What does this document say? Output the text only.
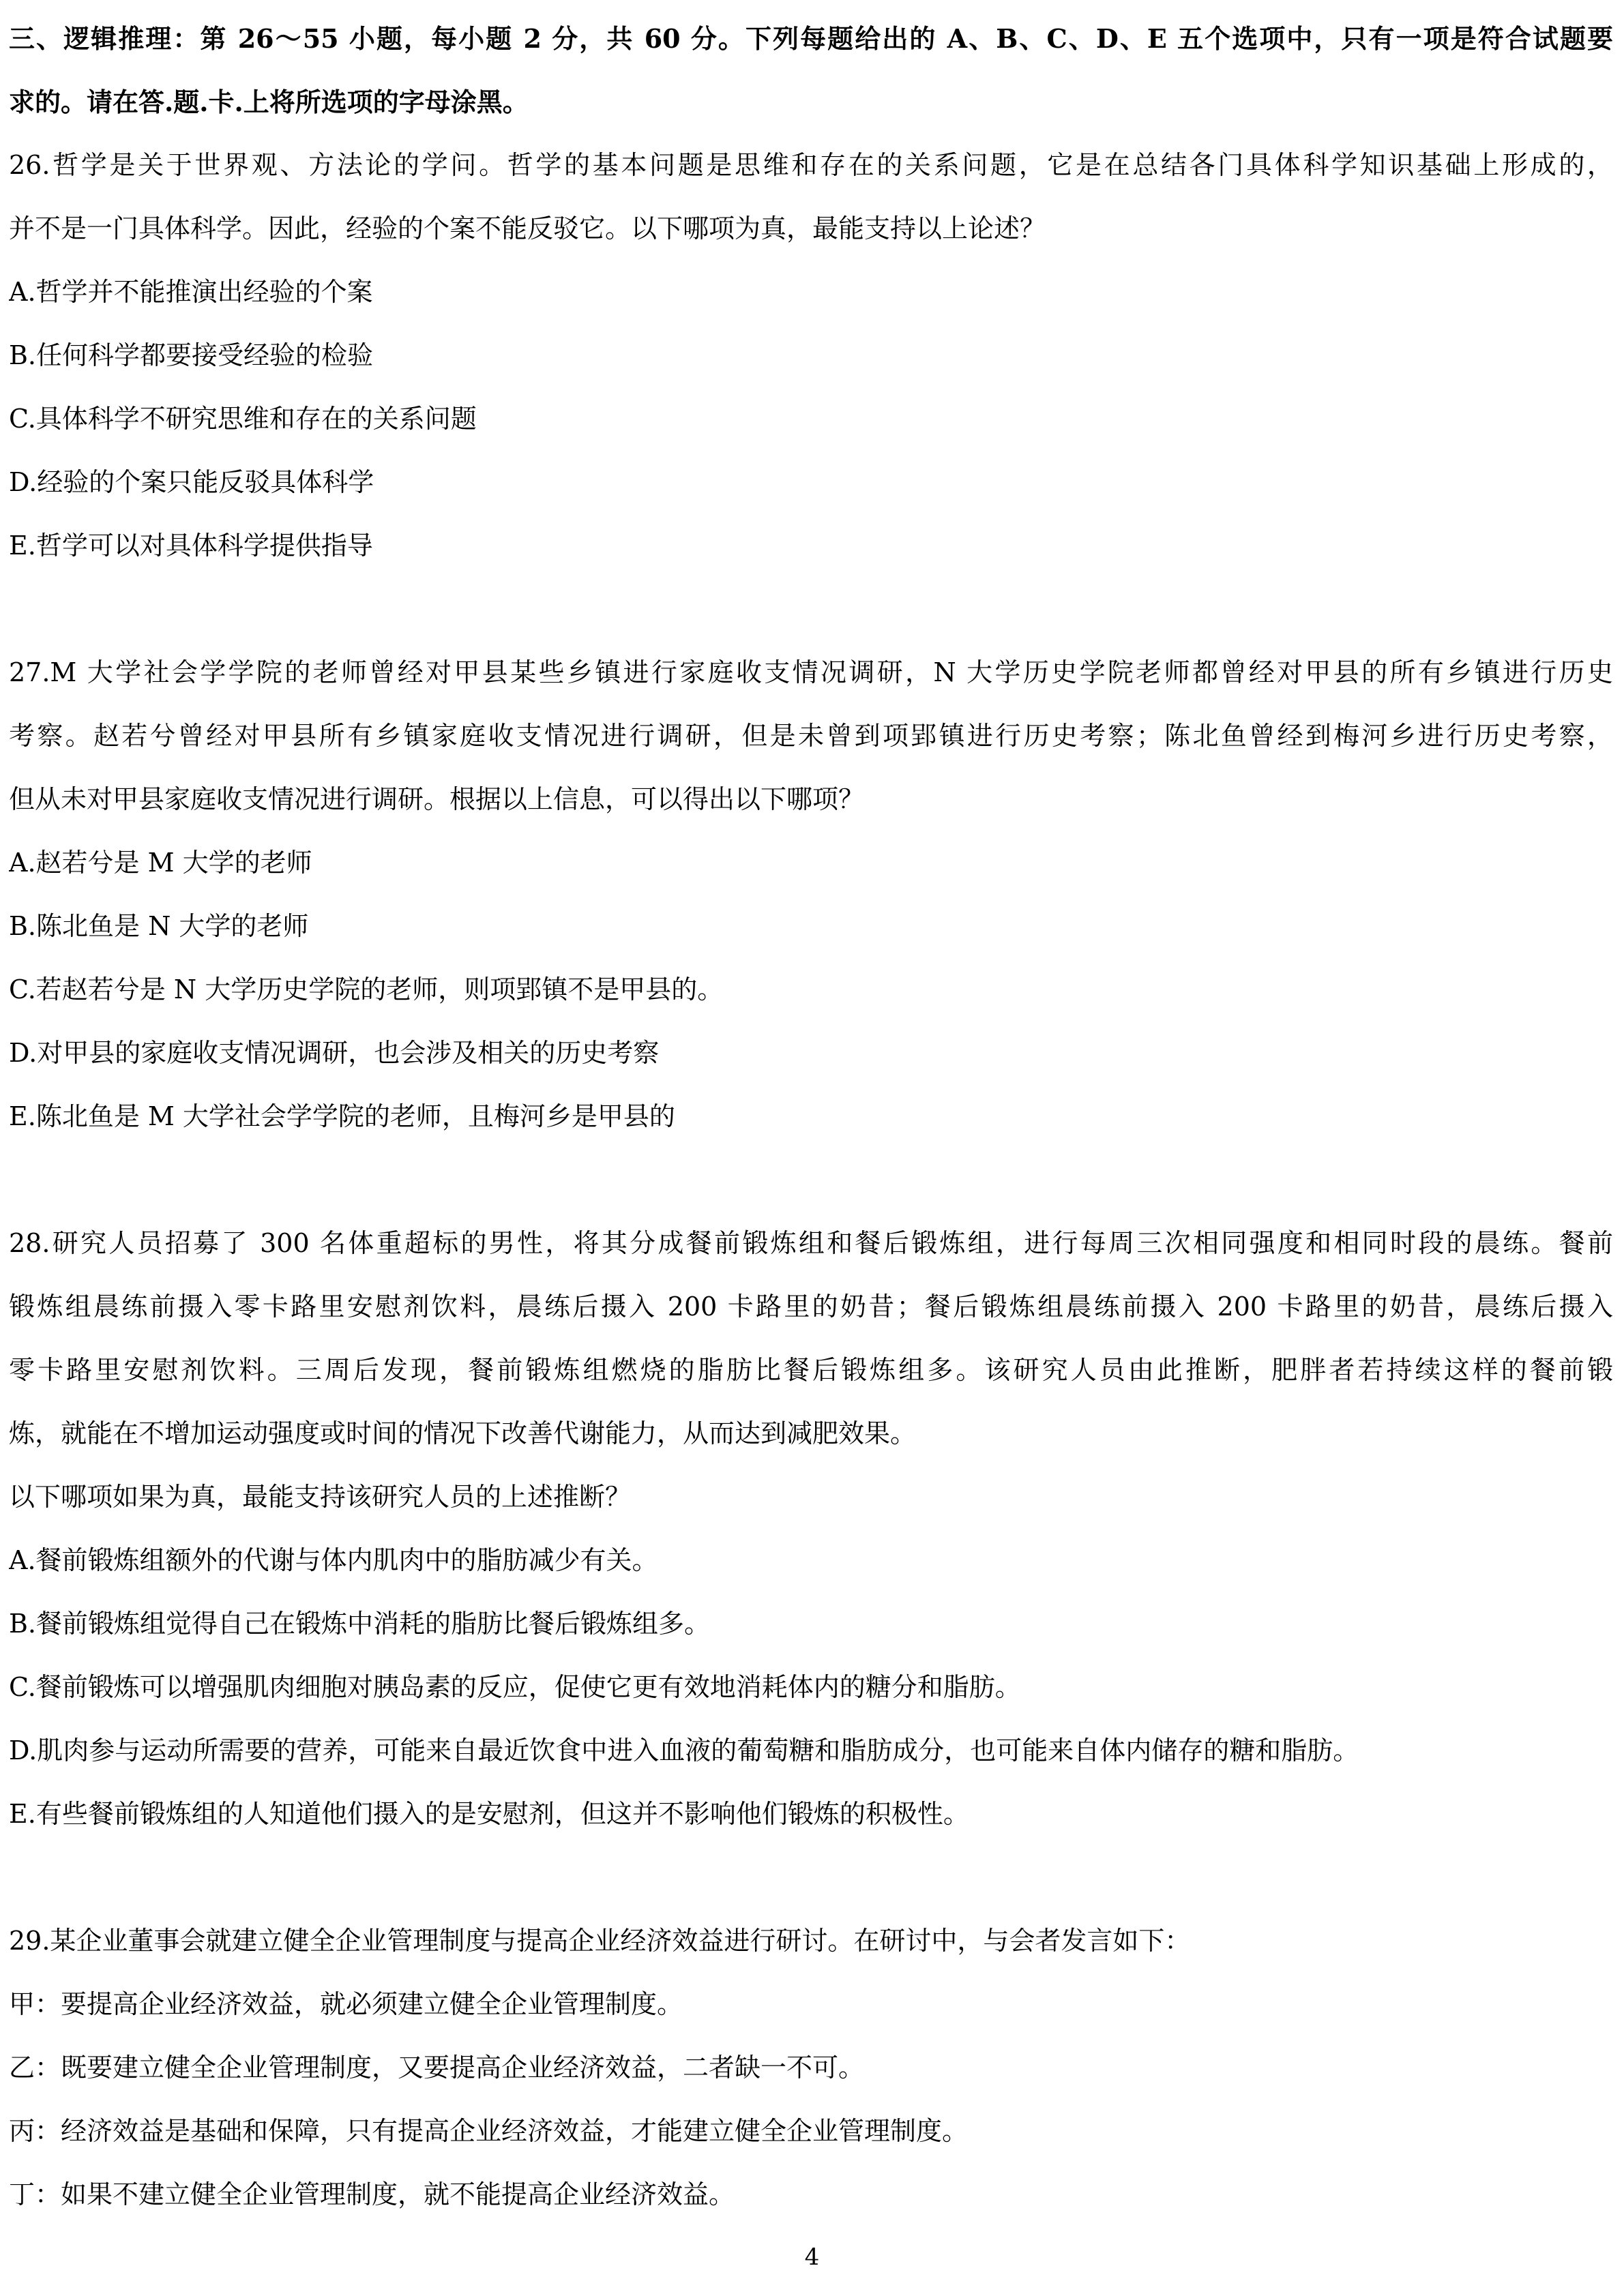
三、逻辑推理：第 26～55 小题，每小题 2 分，共 60 分。下列每题给出的 A、B、C、D、E 五个选项中，只有一项是符合试题要
求的。请在答.题.卡.上将所选项的字母涂黑。
26.哲学是关于世界观、方法论的学问。哲学的基本问题是思维和存在的关系问题，它是在总结各门具体科学知识基础上形成的，
并不是一门具体科学。因此，经验的个案不能反驳它。以下哪项为真，最能支持以上论述？
A.哲学并不能推演出经验的个案
B.任何科学都要接受经验的检验
C.具体科学不研究思维和存在的关系问题
D.经验的个案只能反驳具体科学
E.哲学可以对具体科学提供指导
27.M 大学社会学学院的老师曾经对甲县某些乡镇进行家庭收支情况调研，N 大学历史学院老师都曾经对甲县的所有乡镇进行历史
考察。赵若兮曾经对甲县所有乡镇家庭收支情况进行调研，但是未曾到项郢镇进行历史考察；陈北鱼曾经到梅河乡进行历史考察，
但从未对甲县家庭收支情况进行调研。根据以上信息，可以得出以下哪项？
A.赵若兮是 M 大学的老师
B.陈北鱼是 N 大学的老师
C.若赵若兮是 N 大学历史学院的老师，则项郢镇不是甲县的。
D.对甲县的家庭收支情况调研，也会涉及相关的历史考察
E.陈北鱼是 M 大学社会学学院的老师，且梅河乡是甲县的
28.研究人员招募了 300 名体重超标的男性，将其分成餐前锻炼组和餐后锻炼组，进行每周三次相同强度和相同时段的晨练。餐前
锻炼组晨练前摄入零卡路里安慰剂饮料，晨练后摄入 200 卡路里的奶昔；餐后锻炼组晨练前摄入 200 卡路里的奶昔，晨练后摄入
零卡路里安慰剂饮料。三周后发现，餐前锻炼组燃烧的脂肪比餐后锻炼组多。该研究人员由此推断，肥胖者若持续这样的餐前锻
炼，就能在不增加运动强度或时间的情况下改善代谢能力，从而达到减肥效果。
以下哪项如果为真，最能支持该研究人员的上述推断？
A.餐前锻炼组额外的代谢与体内肌肉中的脂肪减少有关。
B.餐前锻炼组觉得自己在锻炼中消耗的脂肪比餐后锻炼组多。
C.餐前锻炼可以增强肌肉细胞对胰岛素的反应，促使它更有效地消耗体内的糖分和脂肪。
D.肌肉参与运动所需要的营养，可能来自最近饮食中进入血液的葡萄糖和脂肪成分，也可能来自体内储存的糖和脂肪。
E.有些餐前锻炼组的人知道他们摄入的是安慰剂，但这并不影响他们锻炼的积极性。
29.某企业董事会就建立健全企业管理制度与提高企业经济效益进行研讨。在研讨中，与会者发言如下：
甲：要提高企业经济效益，就必须建立健全企业管理制度。
乙：既要建立健全企业管理制度，又要提高企业经济效益，二者缺一不可。
丙：经济效益是基础和保障，只有提高企业经济效益，才能建立健全企业管理制度。
丁：如果不建立健全企业管理制度，就不能提高企业经济效益。
4
